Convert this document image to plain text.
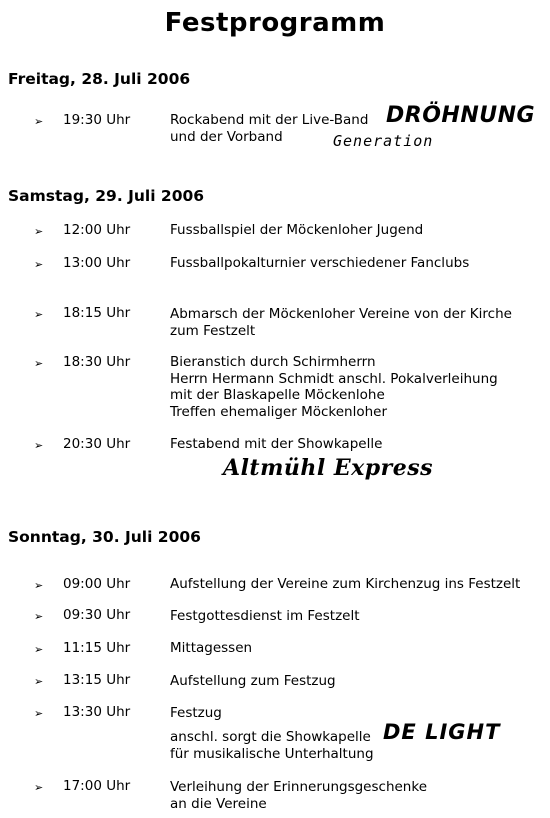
Festprogramm
Freitag, 28. Juli 2006
➢ 19:30 Uhr	Rockabend mit der Live-Band
und der Vorband
DRÖHNUNG
Generation
Samstag, 29. Juli 2006
➢ 12:00 Uhr	Fussballspiel der Möckenloher Jugend
➢ 13:00 Uhr	Fussballpokalturnier verschiedener Fanclubs
➢ 18:15 Uhr	Abmarsch der Möckenloher Vereine von der Kirche
zum Festzelt
➢ 18:30 Uhr	Bieranstich durch Schirmherrn
Herrn Hermann Schmidt anschl. Pokalverleihung
mit der Blaskapelle Möckenlohe
Treffen ehemaliger Möckenloher
➢ 20:30 Uhr	Festabend mit der Showkapelle
Altmühl Express
Sonntag, 30. Juli 2006
➢ 09:00 Uhr	Aufstellung der Vereine zum Kirchenzug ins Festzelt
➢ 09:30 Uhr	Festgottesdienst im Festzelt
➢ 11:15 Uhr	Mittagessen
➢ 13:15 Uhr	Aufstellung zum Festzug
➢ 13:30 Uhr	Festzug
anschl. sorgt die Showkapelle
für musikalische Unterhaltung
DE LIGHT
➢ 17:00 Uhr	Verleihung der Erinnerungsgeschenke
an die Vereine
